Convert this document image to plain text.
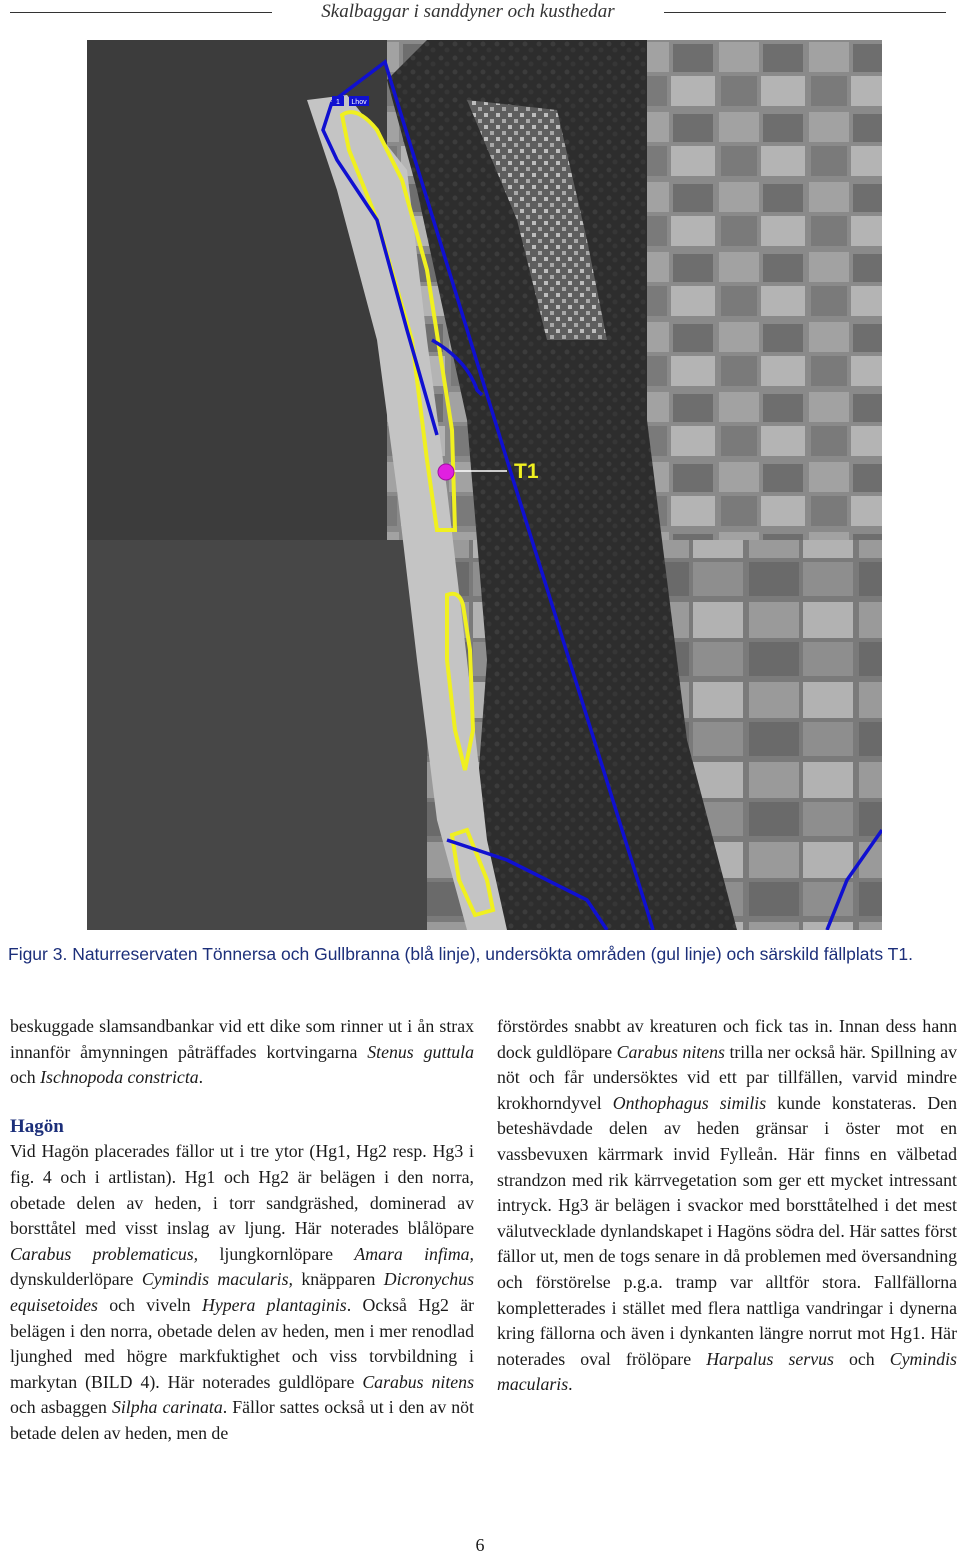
Skalbaggar i sanddyner och kusthedar
1 Lhov
T1
Figur 3. Naturreservaten Tönnersa och Gullbranna (blå linje), undersökta områden (gul linje) och särskild fällplats T1.

beskuggade slamsandbankar vid ett dike som rinner ut i ån strax innanför åmynningen påträffades kortvingarna Stenus guttula och Ischnopoda constricta.

Hagön

Vid Hagön placerades fällor ut i tre ytor (Hg1, Hg2 resp. Hg3 i fig. 4 och i artlistan). Hg1 och Hg2 är belägen i den norra, obetade delen av heden, i torr sandgräshed, dominerad av borsttåtel med visst inslag av ljung. Här noterades blålöpare Carabus problematicus, ljungkornlöpare Amara infima, dynskulderlöpare Cymindis macularis, knäpparen Dicronychus equisetoides och viveln Hypera plantaginis. Också Hg2 är belägen i den norra, obetade delen av heden, men i mer renodlad ljunghed med högre markfuktighet och viss torvbildning i markytan (BILD 4). Här noterades guldlöpare Carabus nitens och asbaggen Silpha carinata. Fällor sattes också ut i den av nöt betade delen av heden, men de

förstördes snabbt av kreaturen och fick tas in. Innan dess hann dock guldlöpare Carabus nitens trilla ner också här. Spillning av nöt och får undersöktes vid ett par tillfällen, varvid mindre krokhorndyvel Onthophagus similis kunde konstateras. Den beteshävdade delen av heden gränsar i öster mot en vassbevuxen kärrmark invid Fylleån. Här finns en välbetad strandzon med rik kärrvegetation som ger ett mycket intressant intryck. Hg3 är belägen i svackor med borsttåtelhed i det mest välutvecklade dynlandskapet i Hagöns södra del. Här sattes först fällor ut, men de togs senare in då problemen med översandning och förstörelse p.g.a. tramp var alltför stora. Fallfällorna kompletterades i stället med flera nattliga vandringar i dynerna kring fällorna och även i dynkanten längre norrut mot Hg1. Här noterades oval frölöpare Harpalus servus och Cymindis macularis.

6
